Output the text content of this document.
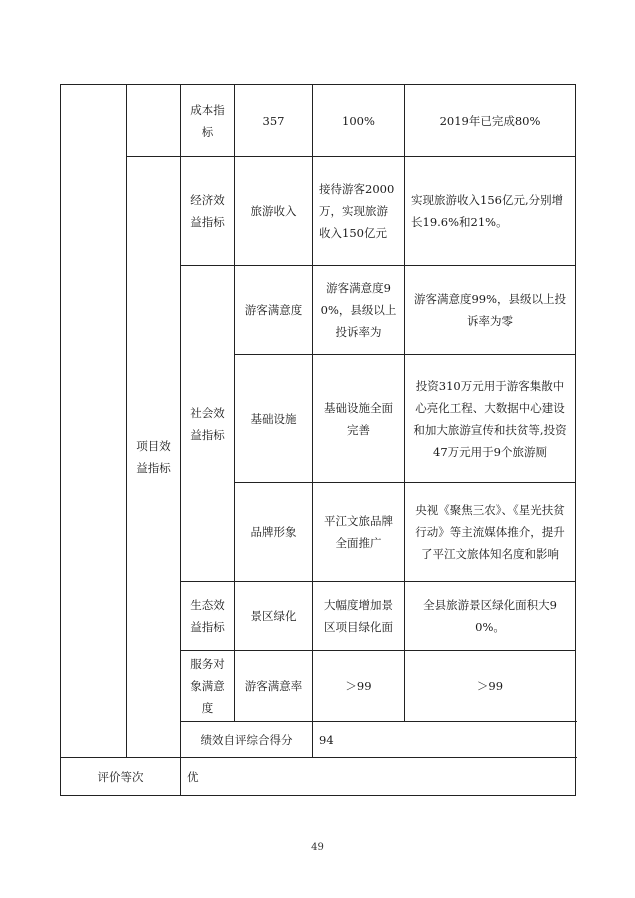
		成本指标	357	100%	2019年已完成80%
	项目效益指标	经济效益指标	旅游收入	接待游客2000万，实现旅游收入150亿元	实现旅游收入156亿元,分别增长19.6%和21%。
		社会效益指标	游客满意度	游客满意度90%，县级以上投诉率为	游客满意度99%，县级以上投诉率为零
			基础设施	基础设施全面完善	投资310万元用于游客集散中心亮化工程、大数据中心建设和加大旅游宣传和扶贫等,投资47万元用于9个旅游厕
			品牌形象	平江文旅品牌全面推广	央视《聚焦三农》、《星光扶贫行动》等主流媒体推介，提升了平江文旅体知名度和影响
		生态效益指标	景区绿化	大幅度增加景区项目绿化面	全县旅游景区绿化面积大90%。
		服务对象满意度	游客满意率	＞99	＞99
		绩效自评综合得分		94	
评价等次		优			
49
